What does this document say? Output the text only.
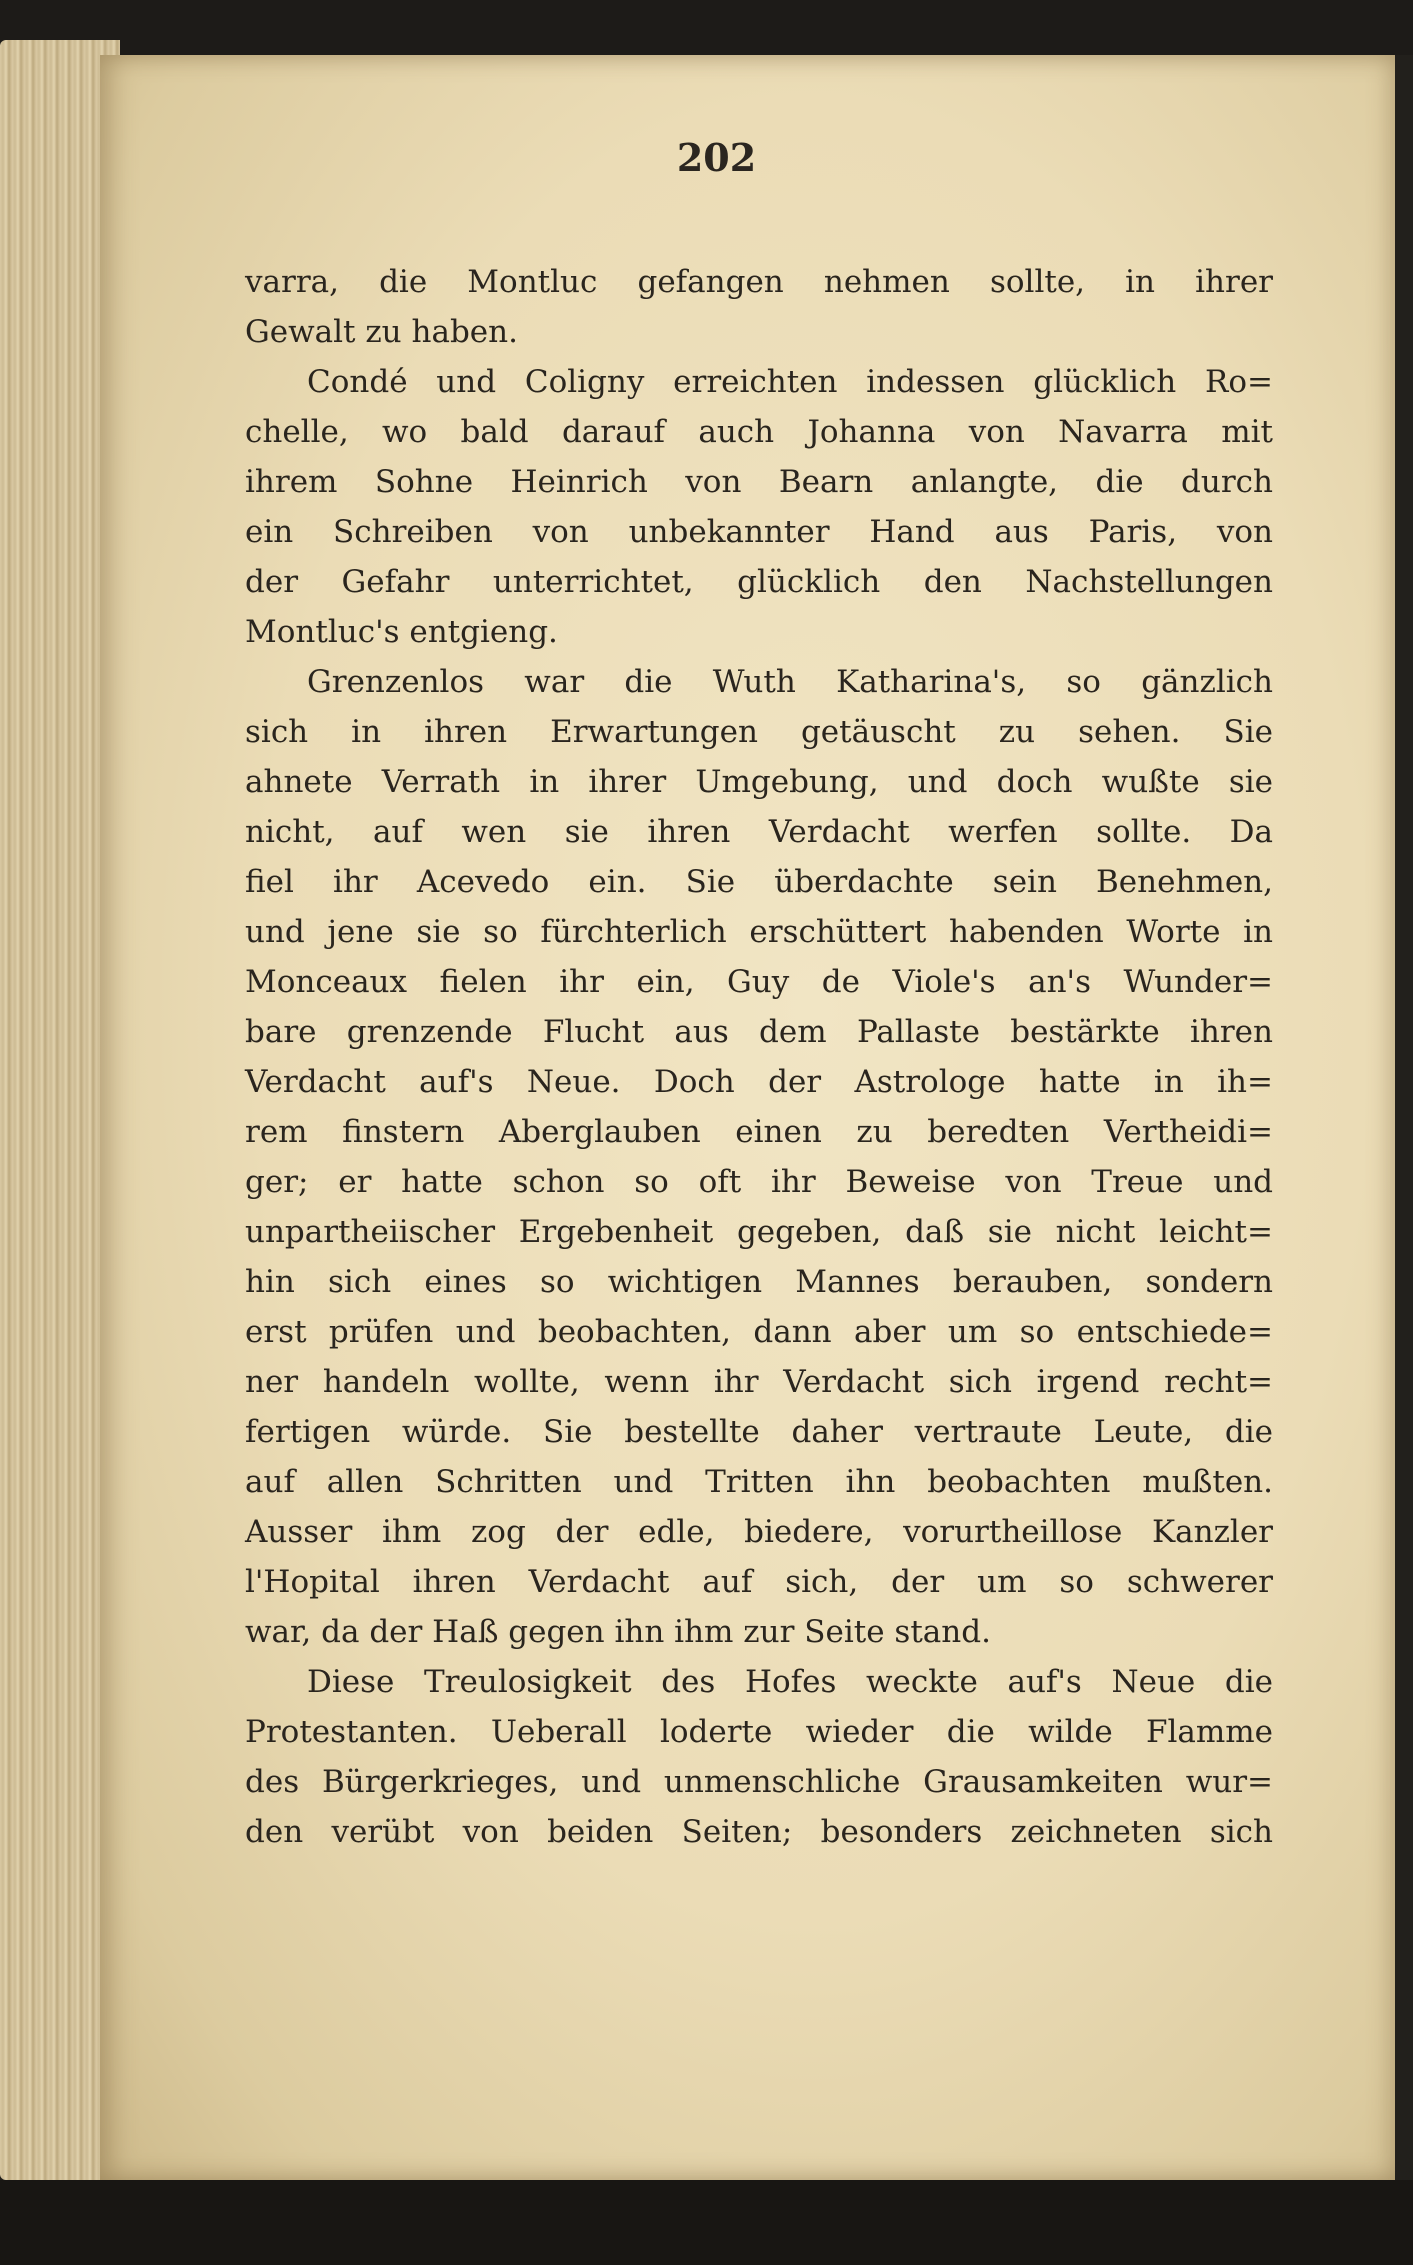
202
varra, die Montluc gefangen nehmen sollte, in ihrer
Gewalt zu haben.
Condé und Coligny erreichten indessen glücklich Ro=
chelle, wo bald darauf auch Johanna von Navarra mit
ihrem Sohne Heinrich von Bearn anlangte, die durch
ein Schreiben von unbekannter Hand aus Paris, von
der Gefahr unterrichtet, glücklich den Nachstellungen
Montluc's entgieng.
Grenzenlos war die Wuth Katharina's, so gänzlich
sich in ihren Erwartungen getäuscht zu sehen. Sie
ahnete Verrath in ihrer Umgebung, und doch wußte sie
nicht, auf wen sie ihren Verdacht werfen sollte. Da
fiel ihr Acevedo ein. Sie überdachte sein Benehmen,
und jene sie so fürchterlich erschüttert habenden Worte in
Monceaux fielen ihr ein, Guy de Viole's an's Wunder=
bare grenzende Flucht aus dem Pallaste bestärkte ihren
Verdacht auf's Neue. Doch der Astrologe hatte in ih=
rem finstern Aberglauben einen zu beredten Vertheidi=
ger; er hatte schon so oft ihr Beweise von Treue und
unpartheiischer Ergebenheit gegeben, daß sie nicht leicht=
hin sich eines so wichtigen Mannes berauben, sondern
erst prüfen und beobachten, dann aber um so entschiede=
ner handeln wollte, wenn ihr Verdacht sich irgend recht=
fertigen würde. Sie bestellte daher vertraute Leute, die
auf allen Schritten und Tritten ihn beobachten mußten.
Ausser ihm zog der edle, biedere, vorurtheillose Kanzler
l'Hopital ihren Verdacht auf sich, der um so schwerer
war, da der Haß gegen ihn ihm zur Seite stand.
Diese Treulosigkeit des Hofes weckte auf's Neue die
Protestanten. Ueberall loderte wieder die wilde Flamme
des Bürgerkrieges, und unmenschliche Grausamkeiten wur=
den verübt von beiden Seiten; besonders zeichneten sich
